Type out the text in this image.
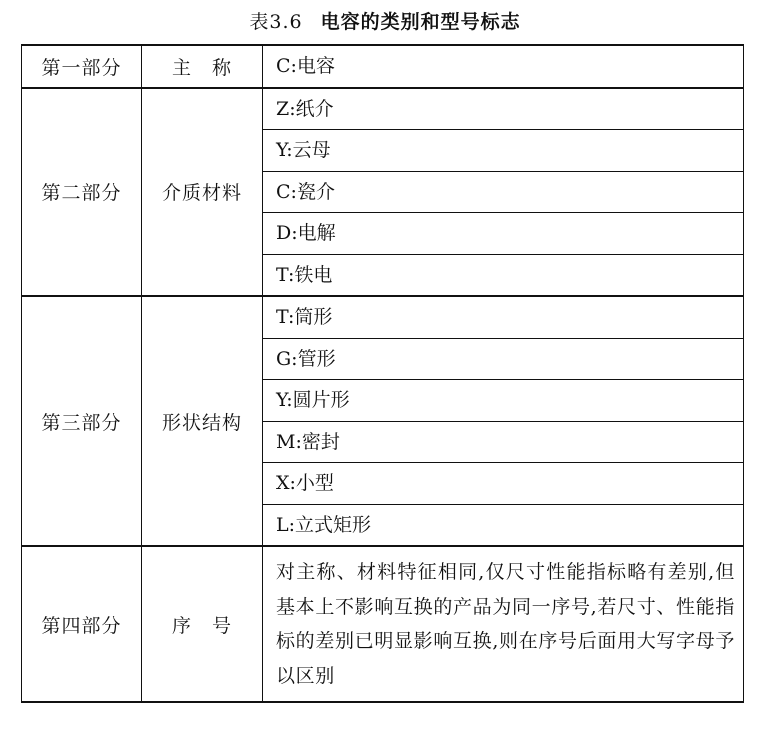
表3.6 电容的类别和型号标志
第一部分	主　称	C:电容
第二部分	介质材料	Z:纸介
		Y:云母
		C:瓷介
		D:电解
		T:铁电
第三部分	形状结构	T:筒形
		G:管形
		Y:圆片形
		M:密封
		X:小型
		L:立式矩形
第四部分	序　号	对主称、材料特征相同,仅尺寸性能指标略有差别,但基本上不影响互换的产品为同一序号,若尺寸、性能指标的差别已明显影响互换,则在序号后面用大写字母予以区别
